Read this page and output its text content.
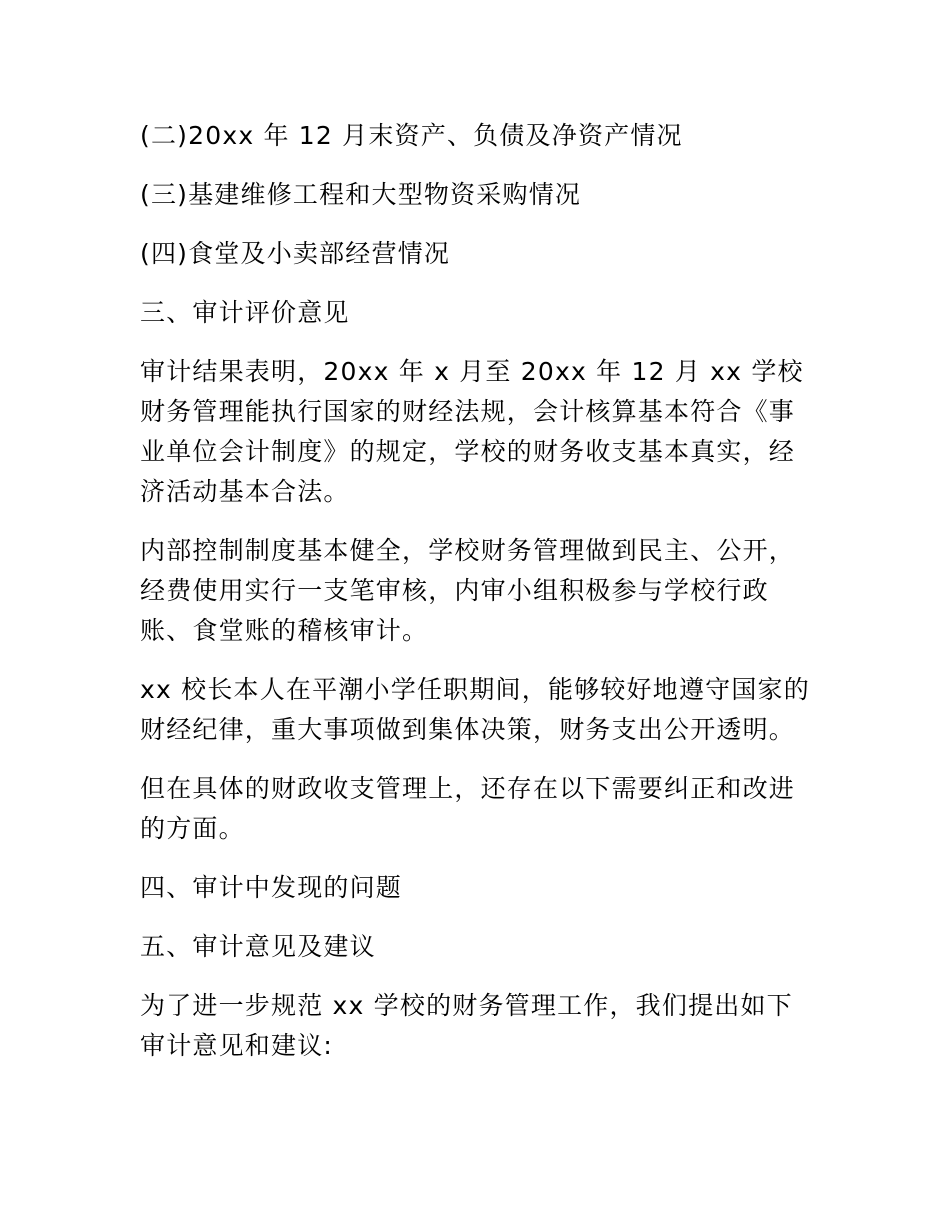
(二)20xx 年 12 月末资产、负债及净资产情况

(三)基建维修工程和大型物资采购情况

(四)食堂及小卖部经营情况

三、审计评价意见

审计结果表明，20xx 年 x 月至 20xx 年 12 月 xx 学校财务管理能执行国家的财经法规，会计核算基本符合《事业单位会计制度》的规定，学校的财务收支基本真实，经济活动基本合法。

内部控制制度基本健全，学校财务管理做到民主、公开，经费使用实行一支笔审核，内审小组积极参与学校行政账、食堂账的稽核审计。

xx 校长本人在平潮小学任职期间，能够较好地遵守国家的财经纪律，重大事项做到集体决策，财务支出公开透明。

但在具体的财政收支管理上，还存在以下需要纠正和改进的方面。

四、审计中发现的问题

五、审计意见及建议

为了进一步规范 xx 学校的财务管理工作，我们提出如下审计意见和建议:
